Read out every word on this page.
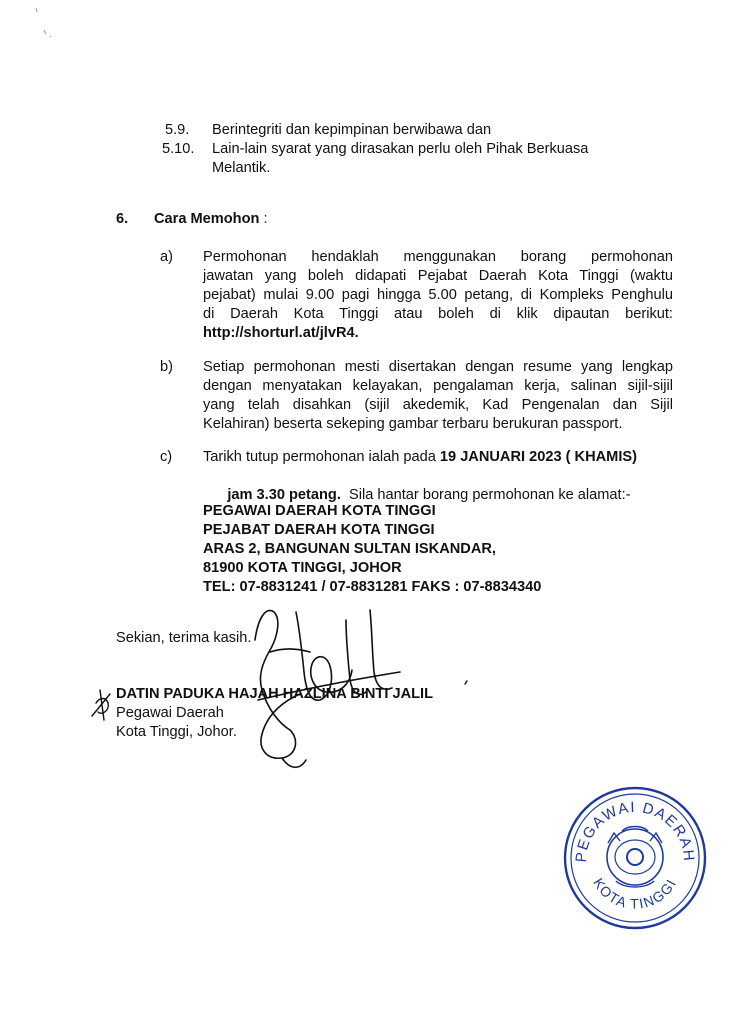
5.9. Berintegriti dan kepimpinan berwibawa dan
5.10. Lain-lain syarat yang dirasakan perlu oleh Pihak Berkuasa
Melantik.
6. Cara Memohon :
a) Permohonan hendaklah menggunakan borang permohonan
jawatan yang boleh didapati Pejabat Daerah Kota Tinggi (waktu
pejabat) mulai 9.00 pagi hingga 5.00 petang, di Kompleks Penghulu
di Daerah Kota Tinggi atau boleh di klik dipautan berikut:
http://shorturl.at/jlvR4.
b) Setiap permohonan mesti disertakan dengan resume yang lengkap
dengan menyatakan kelayakan, pengalaman kerja, salinan sijil-sijil
yang telah disahkan (sijil akedemik, Kad Pengenalan dan Sijil
Kelahiran) beserta sekeping gambar terbaru berukuran passport.
c) Tarikh tutup permohonan ialah pada 19 JANUARI 2023 ( KHAMIS)

jam 3.30 petang.  Sila hantar borang permohonan ke alamat:-

PEGAWAI DAERAH KOTA TINGGI
PEJABAT DAERAH KOTA TINGGI
ARAS 2, BANGUNAN SULTAN ISKANDAR,
81900 KOTA TINGGI, JOHOR
TEL: 07-8831241 / 07-8831281 FAKS : 07-8834340
Sekian, terima kasih.
DATIN PADUKA HAJAH HAZLINA BINTI JALIL
Pegawai Daerah
Kota Tinggi, Johor.
PEGAWAI DAERAH
KOTA TINGGI
